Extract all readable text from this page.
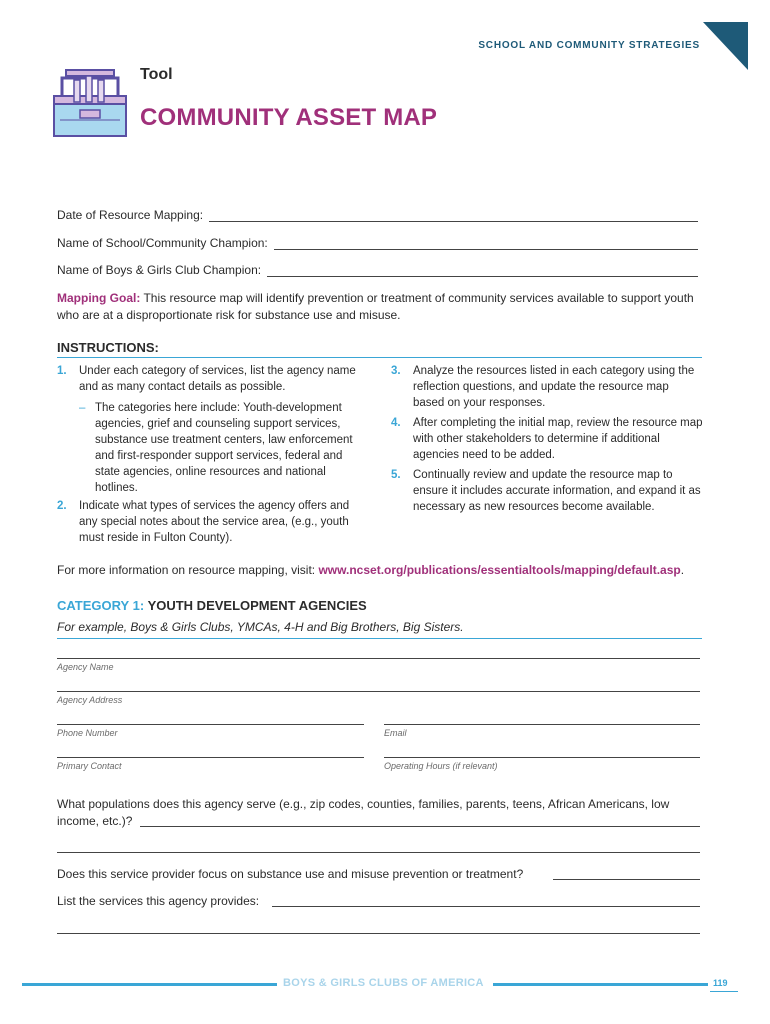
SCHOOL AND COMMUNITY STRATEGIES
Tool
COMMUNITY ASSET MAP
Date of Resource Mapping:
Name of School/Community Champion:
Name of Boys & Girls Club Champion:
Mapping Goal: This resource map will identify prevention or treatment of community services available to support youth who are at a disproportionate risk for substance use and misuse.
INSTRUCTIONS:
1. Under each category of services, list the agency name and as many contact details as possible.
– The categories here include: Youth-development agencies, grief and counseling support services, substance use treatment centers, law enforcement and first-responder support services, federal and state agencies, online resources and national hotlines.
2. Indicate what types of services the agency offers and any special notes about the service area, (e.g., youth must reside in Fulton County).
3. Analyze the resources listed in each category using the reflection questions, and update the resource map based on your responses.
4. After completing the initial map, review the resource map with other stakeholders to determine if additional agencies need to be added.
5. Continually review and update the resource map to ensure it includes accurate information, and expand it as necessary as new resources become available.
For more information on resource mapping, visit: www.ncset.org/publications/essentialtools/mapping/default.asp.
CATEGORY 1: YOUTH DEVELOPMENT AGENCIES
For example, Boys & Girls Clubs, YMCAs, 4-H and Big Brothers, Big Sisters.
Agency Name
Agency Address
Phone Number	Email
Primary Contact	Operating Hours (if relevant)
What populations does this agency serve (e.g., zip codes, counties, families, parents, teens, African Americans, low income, etc.)?
Does this service provider focus on substance use and misuse prevention or treatment?
List the services this agency provides:
BOYS & GIRLS CLUBS OF AMERICA	119
